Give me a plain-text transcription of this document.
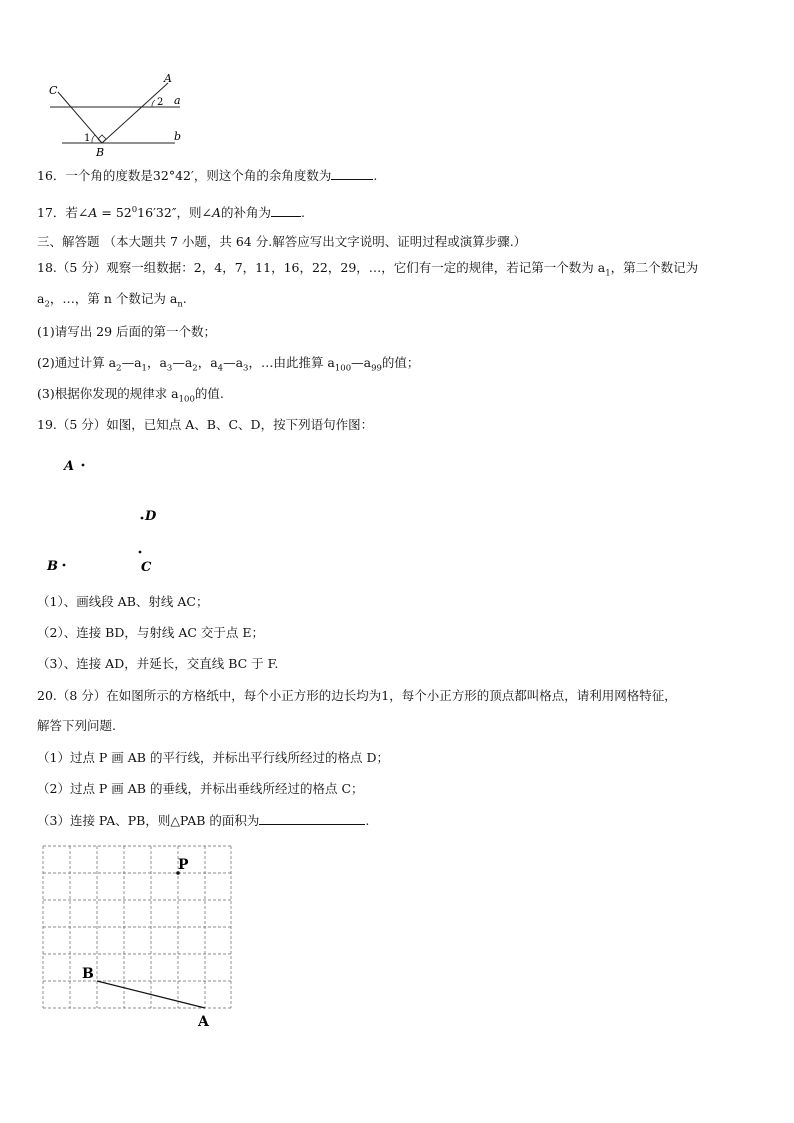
C
A
a
b
B
2
1
16．一个角的度数是32°42′，则这个角的余角度数为	.
17．若∠A = $52^016'32''$，则∠A的补角为 .
三、解答题 （本大题共 7 小题，共 64 分.解答应写出文字说明、证明过程或演算步骤.）
18.（5 分）观察一组数据：2，4，7，11，16，22，29，…，它们有一定的规律，若记第一个数为 $a_1$，第二个数记为
$a_2$，…，第 n 个数记为 $a_n$.
(1)请写出 29 后面的第一个数；
(2)通过计算 $a_2—a_1$，$a_3—a_2$，$a_4—a_3$，…由此推算 $a_{100}—a_{99}$的值；
(3)根据你发现的规律求 $a_{100}$的值.
19.（5 分）如图，已知点 A、B、C、D，按下列语句作图：
A
D
B	C
（1）、画线段 AB、射线 AC；
（2）、连接 BD，与射线 AC 交于点 E；
（3）、连接 AD，并延长，交直线 BC 于 F.
20.（8 分）在如图所示的方格纸中，每个小正方形的边长均为1，每个小正方形的顶点都叫格点，请利用网格特征，
解答下列问题.
（1）过点 P 画 AB 的平行线，并标出平行线所经过的格点 D；
（2）过点 P 画 AB 的垂线，并标出垂线所经过的格点 C；
（3）连接 PA、PB，则△PAB 的面积为	.
P
B
A
